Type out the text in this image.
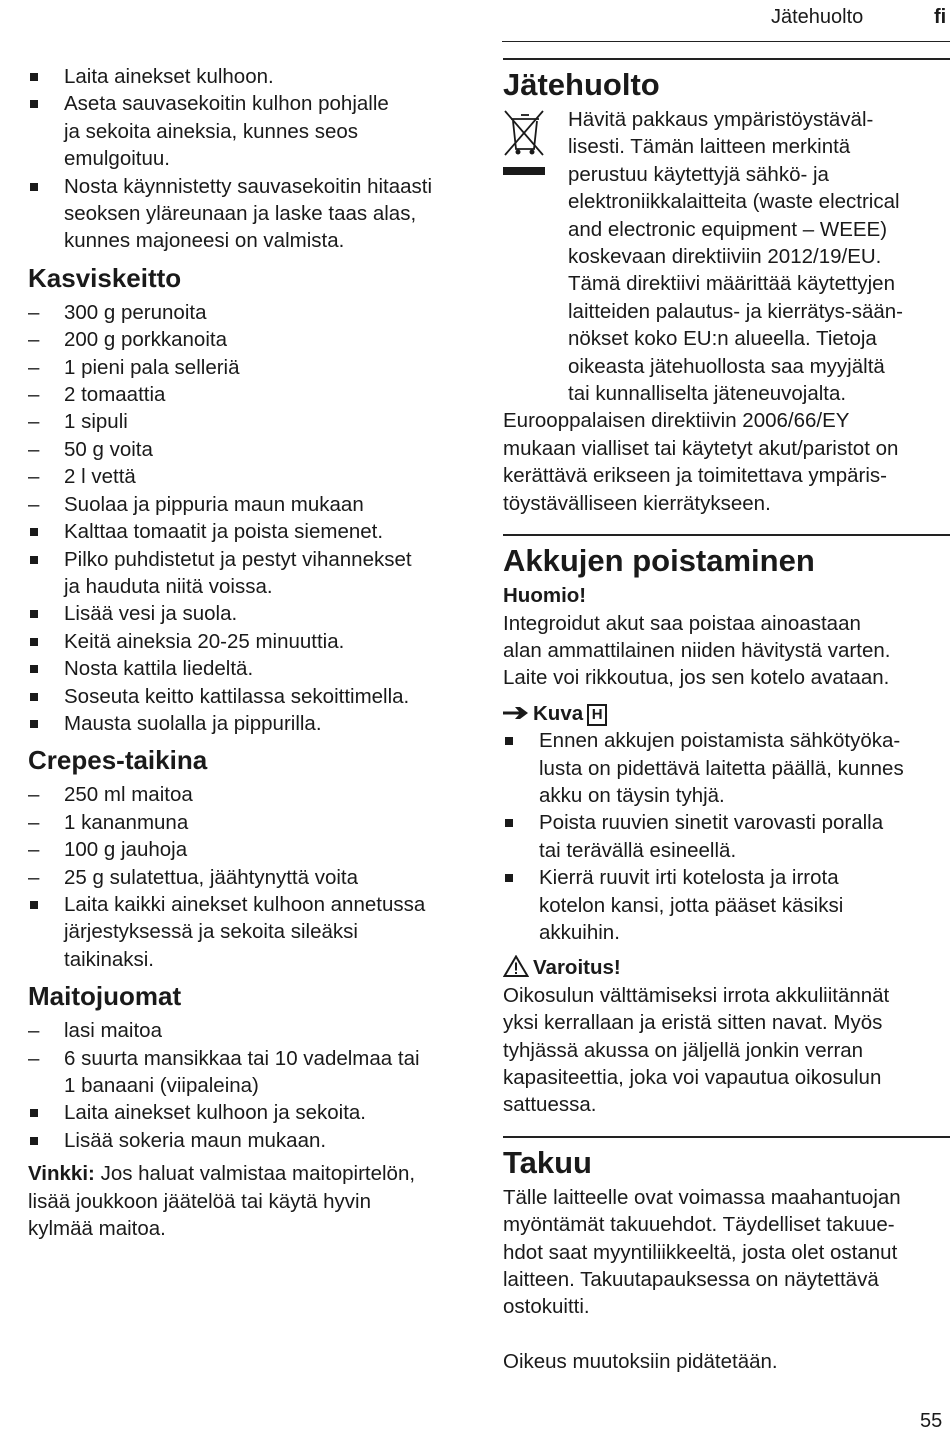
Jätehuolto	fi
Laita ainekset kulhoon.
Aseta sauvasekoitin kulhon pohjalle
ja sekoita aineksia, kunnes seos
emulgoituu.
Nosta käynnistetty sauvasekoitin hitaasti
seoksen yläreunaan ja laske taas alas,
kunnes majoneesi on valmista.
Kasviskeitto
– 300 g perunoita
– 200 g porkkanoita
– 1 pieni pala selleriä
– 2 tomaattia
– 1 sipuli
– 50 g voita
– 2 l vettä
– Suolaa ja pippuria maun mukaan
Kalttaa tomaatit ja poista siemenet.
Pilko puhdistetut ja pestyt vihannekset
ja hauduta niitä voissa.
Lisää vesi ja suola.
Keitä aineksia 20-25 minuuttia.
Nosta kattila liedeltä.
Soseuta keitto kattilassa sekoittimella.
Mausta suolalla ja pippurilla.
Crepes-taikina
– 250 ml maitoa
– 1 kananmuna
– 100 g jauhoja
– 25 g sulatettua, jäähtynyttä voita
Laita kaikki ainekset kulhoon annetussa
järjestyksessä ja sekoita sileäksi
taikinaksi.
Maitojuomat
– lasi maitoa
– 6 suurta mansikkaa tai 10 vadelmaa tai
1 banaani (viipaleina)
Laita ainekset kulhoon ja sekoita.
Lisää sokeria maun mukaan.
Vinkki: Jos haluat valmistaa maitopirtelön,
lisää joukkoon jäätelöä tai käytä hyvin
kylmää maitoa.
Jätehuolto
Hävitä pakkaus ympäristöystäväl-
lisesti. Tämän laitteen merkintä
perustuu käytettyjä sähkö- ja
elektroniikkalaitteita (waste electrical
and electronic equipment – WEEE)
koskevaan direktiiviin 2012/19/EU.
Tämä direktiivi määrittää käytettyjen
laitteiden palautus- ja kierrätys-sään-
nökset koko EU:n alueella. Tietoja
oikeasta jätehuollosta saa myyjältä
tai kunnalliselta jäteneuvojalta.
Eurooppalaisen direktiivin 2006/66/EY
mukaan vialliset tai käytetyt akut/paristot on
kerättävä erikseen ja toimitettava ympäris-
töystävälliseen kierrätykseen.
Akkujen poistaminen
Huomio!
Integroidut akut saa poistaa ainoastaan
alan ammattilainen niiden hävitystä varten.
Laite voi rikkoutua, jos sen kotelo avataan.
Kuva H
Ennen akkujen poistamista sähkötyöka-
lusta on pidettävä laitetta päällä, kunnes
akku on täysin tyhjä.
Poista ruuvien sinetit varovasti poralla
tai terävällä esineellä.
Kierrä ruuvit irti kotelosta ja irrota
kotelon kansi, jotta pääset käsiksi
akkuihin.
Varoitus!
Oikosulun välttämiseksi irrota akkuliitännät
yksi kerrallaan ja eristä sitten navat. Myös
tyhjässä akussa on jäljellä jonkin verran
kapasiteettia, joka voi vapautua oikosulun
sattuessa.
Takuu
Tälle laitteelle ovat voimassa maahantuojan
myöntämät takuuehdot. Täydelliset takuue-
hdot saat myyntiliikkeeltä, josta olet ostanut
laitteen. Takuutapauksessa on näytettävä
ostokuitti.
Oikeus muutoksiin pidätetään.
55
